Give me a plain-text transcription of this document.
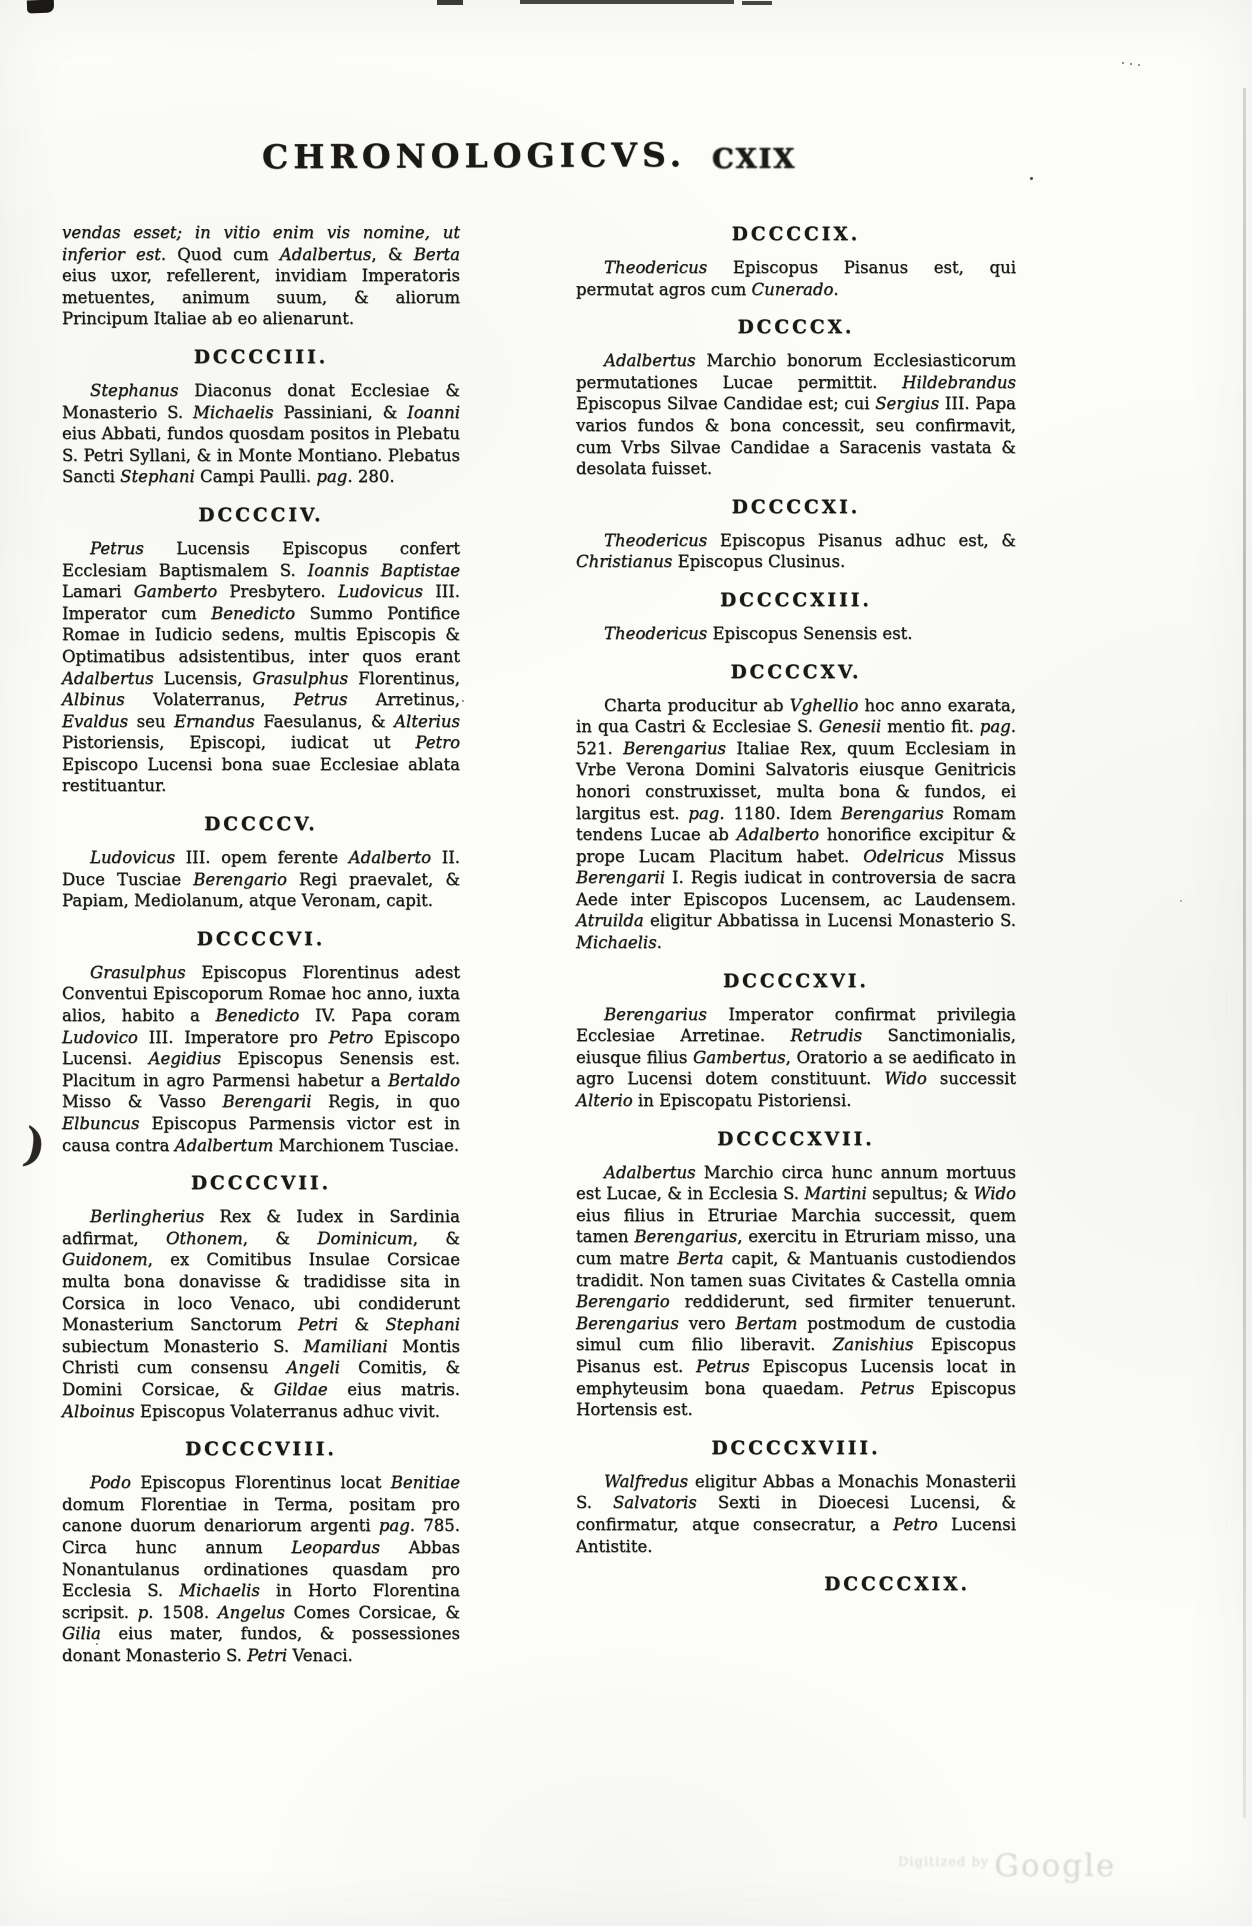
CHRONOLOGICVS. CXIX
)

vendas esset; in vitio enim vis nomine, ut inferior est. Quod cum Adalbertus, & Berta eius uxor, refellerent, invidiam Imperatoris metuentes, animum suum, & aliorum Principum Italiae ab eo alienarunt.

DCCCCIII.

Stephanus Diaconus donat Ecclesiae & Monasterio S. Michaelis Passiniani, & Ioanni eius Abbati, fundos quosdam positos in Plebatu S. Petri Syllani, & in Monte Montiano. Plebatus Sancti Stephani Campi Paulli. pag. 280.

DCCCCIV.

Petrus Lucensis Episcopus confert Ecclesiam Baptismalem S. Ioannis Baptistae Lamari Gamberto Presbytero. Ludovicus III. Imperator cum Benedicto Summo Pontifice Romae in Iudicio sedens, multis Episcopis & Optimatibus adsistentibus, inter quos erant Adalbertus Lucensis, Grasulphus Florentinus, Albinus Volaterranus, Petrus Arretinus, Evaldus seu Ernandus Faesulanus, & Alterius Pistoriensis, Episcopi, iudicat ut Petro Episcopo Lucensi bona suae Ecclesiae ablata restituantur.

DCCCCV.

Ludovicus III. opem ferente Adalberto II. Duce Tusciae Berengario Regi praevalet, & Papiam, Mediolanum, atque Veronam, capit.

DCCCCVI.

Grasulphus Episcopus Florentinus adest Conventui Episcoporum Romae hoc anno, iuxta alios, habito a Benedicto IV. Papa coram Ludovico III. Imperatore pro Petro Episcopo Lucensi. Aegidius Episcopus Senensis est. Placitum in agro Parmensi habetur a Bertaldo Misso & Vasso Berengarii Regis, in quo Elbuncus Episcopus Parmensis victor est in causa contra Adalbertum Marchionem Tusciae.

DCCCCVII.

Berlingherius Rex & Iudex in Sardinia adfirmat, Othonem, & Dominicum, & Guidonem, ex Comitibus Insulae Corsicae multa bona donavisse & tradidisse sita in Corsica in loco Venaco, ubi condiderunt Monasterium Sanctorum Petri & Stephani subiectum Monasterio S. Mamiliani Montis Christi cum consensu Angeli Comitis, & Domini Corsicae, & Gildae eius matris. Alboinus Episcopus Volaterranus adhuc vivit.

DCCCCVIII.

Podo Episcopus Florentinus locat Benitiae domum Florentiae in Terma, positam pro canone duorum denariorum argenti pag. 785. Circa hunc annum Leopardus Abbas Nonantulanus ordinationes quasdam pro Ecclesia S. Michaelis in Horto Florentina scripsit. p. 1508. Angelus Comes Corsicae, & Gilia eius mater, fundos, & possessiones donant Monasterio S. Petri Venaci.

DCCCCIX.

Theodericus Episcopus Pisanus est, qui permutat agros cum Cunerado.

DCCCCX.

Adalbertus Marchio bonorum Ecclesiasticorum permutationes Lucae permittit. Hildebrandus Episcopus Silvae Candidae est; cui Sergius III. Papa varios fundos & bona concessit, seu confirmavit, cum Vrbs Silvae Candidae a Saracenis vastata & desolata fuisset.

DCCCCXI.

Theodericus Episcopus Pisanus adhuc est, & Christianus Episcopus Clusinus.

DCCCCXIII.

Theodericus Episcopus Senensis est.

DCCCCXV.

Charta producitur ab Vghellio hoc anno exarata, in qua Castri & Ecclesiae S. Genesii mentio fit. pag. 521. Berengarius Italiae Rex, quum Ecclesiam in Vrbe Verona Domini Salvatoris eiusque Genitricis honori construxisset, multa bona & fundos, ei largitus est. pag. 1180. Idem Berengarius Romam tendens Lucae ab Adalberto honorifice excipitur & prope Lucam Placitum habet. Odelricus Missus Berengarii I. Regis iudicat in controversia de sacra Aede inter Episcopos Lucensem, ac Laudensem. Atruilda eligitur Abbatissa in Lucensi Monasterio S. Michaelis.

DCCCCXVI.

Berengarius Imperator confirmat privilegia Ecclesiae Arretinae. Retrudis Sanctimonialis, eiusque filius Gambertus, Oratorio a se aedificato in agro Lucensi dotem constituunt. Wido successit Alterio in Episcopatu Pistoriensi.

DCCCCXVII.

Adalbertus Marchio circa hunc annum mortuus est Lucae, & in Ecclesia S. Martini sepultus; & Wido eius filius in Etruriae Marchia successit, quem tamen Berengarius, exercitu in Etruriam misso, una cum matre Berta capit, & Mantuanis custodiendos tradidit. Non tamen suas Civitates & Castella omnia Berengario reddiderunt, sed firmiter tenuerunt. Berengarius vero Bertam postmodum de custodia simul cum filio liberavit. Zanishius Episcopus Pisanus est. Petrus Episcopus Lucensis locat in emphyteusim bona quaedam. Petrus Episcopus Hortensis est.

DCCCCXVIII.

Walfredus eligitur Abbas a Monachis Monasterii S. Salvatoris Sexti in Dioecesi Lucensi, & confirmatur, atque consecratur, a Petro Lucensi Antistite.

DCCCCXIX.
$^{Digitized by}$ Google
